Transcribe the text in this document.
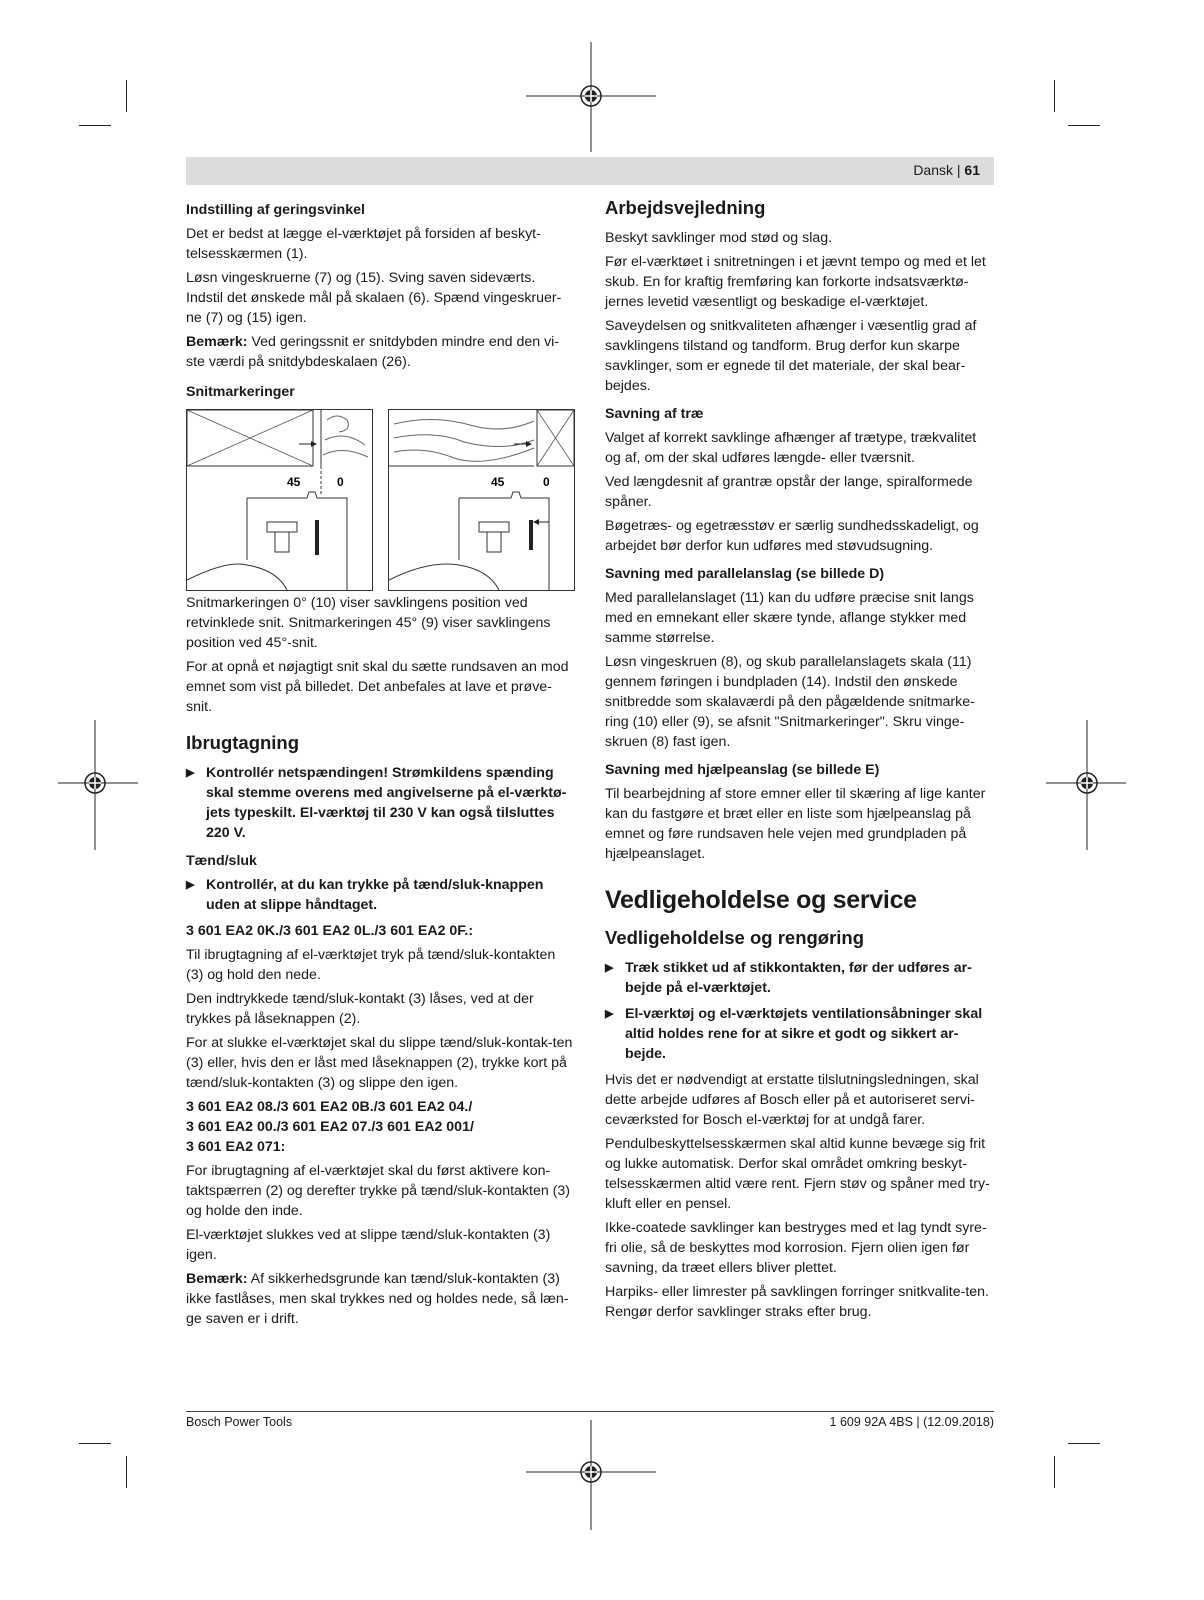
Dansk | 61
Indstilling af geringsvinkel

Det er bedst at lægge el-værktøjet på forsiden af beskyt-telsesskærmen (1).

Løsn vingeskruerne (7) og (15). Sving saven sideværts. Indstil det ønskede mål på skalaen (6). Spænd vingeskruer-ne (7) og (15) igen.

Bemærk: Ved geringssnit er snitdybden mindre end den vi-ste værdi på snitdybdeskalaen (26).

Snitmarkeringer
45	0	45	0

Snitmarkeringen 0° (10) viser savklingens position ved retvinklede snit. Snitmarkeringen 45° (9) viser savklingens position ved 45°-snit.

For at opnå et nøjagtigt snit skal du sætte rundsaven an mod emnet som vist på billedet. Det anbefales at lave et prøve-snit.

Ibrugtagning
▶ Kontrollér netspændingen! Strømkildens spænding skal stemme overens med angivelserne på el-værktø-jets typeskilt. El-værktøj til 230 V kan også tilsluttes 220 V.
Tænd/sluk
▶ Kontrollér, at du kan trykke på tænd/sluk-knappen uden at slippe håndtaget.
3 601 EA2 0K./3 601 EA2 0L./3 601 EA2 0F.:

Til ibrugtagning af el-værktøjet tryk på tænd/sluk-kontakten (3) og hold den nede.

Den indtrykkede tænd/sluk-kontakt (3) låses, ved at der trykkes på låseknappen (2).

For at slukke el-værktøjet skal du slippe tænd/sluk-kontak-ten (3) eller, hvis den er låst med låseknappen (2), trykke kort på tænd/sluk-kontakten (3) og slippe den igen.

3 601 EA2 08./3 601 EA2 0B./3 601 EA2 04./
3 601 EA2 00./3 601 EA2 07./3 601 EA2 001/
3 601 EA2 071:

For ibrugtagning af el-værktøjet skal du først aktivere kon-taktspærren (2) og derefter trykke på tænd/sluk-kontakten (3) og holde den inde.

El-værktøjet slukkes ved at slippe tænd/sluk-kontakten (3) igen.

Bemærk: Af sikkerhedsgrunde kan tænd/sluk-kontakten (3) ikke fastlåses, men skal trykkes ned og holdes nede, så læn-ge saven er i drift.

Arbejdsvejledning

Beskyt savklinger mod stød og slag.

Før el-værktøet i snitretningen i et jævnt tempo og med et let skub. En for kraftig fremføring kan forkorte indsatsværktø-jernes levetid væsentligt og beskadige el-værktøjet.

Saveydelsen og snitkvaliteten afhænger i væsentlig grad af savklingens tilstand og tandform. Brug derfor kun skarpe savklinger, som er egnede til det materiale, der skal bear-bejdes.

Savning af træ

Valget af korrekt savklinge afhænger af trætype, trækvalitet og af, om der skal udføres længde- eller tværsnit.

Ved længdesnit af grantræ opstår der lange, spiralformede spåner.

Bøgetræs- og egetræsstøv er særlig sundhedsskadeligt, og arbejdet bør derfor kun udføres med støvudsugning.

Savning med parallelanslag (se billede D)

Med parallelanslaget (11) kan du udføre præcise snit langs med en emnekant eller skære tynde, aflange stykker med samme størrelse.

Løsn vingeskruen (8), og skub parallelanslagets skala (11) gennem føringen i bundpladen (14). Indstil den ønskede snitbredde som skalaværdi på den pågældende snitmarke-ring (10) eller (9), se afsnit "Snitmarkeringer". Skru vinge-skruen (8) fast igen.

Savning med hjælpeanslag (se billede E)

Til bearbejdning af store emner eller til skæring af lige kanter kan du fastgøre et bræt eller en liste som hjælpeanslag på emnet og føre rundsaven hele vejen med grundpladen på hjælpeanslaget.

Vedligeholdelse og service
Vedligeholdelse og rengøring
▶ Træk stikket ud af stikkontakten, før der udføres ar-bejde på el-værktøjet.
▶ El-værktøj og el-værktøjets ventilationsåbninger skal altid holdes rene for at sikre et godt og sikkert ar-bejde.

Hvis det er nødvendigt at erstatte tilslutningsledningen, skal dette arbejde udføres af Bosch eller på et autoriseret servi-ceværksted for Bosch el-værktøj for at undgå farer.

Pendulbeskyttelsesskærmen skal altid kunne bevæge sig frit og lukke automatisk. Derfor skal området omkring beskyt-telsesskærmen altid være rent. Fjern støv og spåner med try-kluft eller en pensel.

Ikke-coatede savklinger kan bestryges med et lag tyndt syre-fri olie, så de beskyttes mod korrosion. Fjern olien igen før savning, da træet ellers bliver plettet.

Harpiks- eller limrester på savklingen forringer snitkvalite-ten. Rengør derfor savklinger straks efter brug.

Bosch Power Tools	1 609 92A 4BS | (12.09.2018)
